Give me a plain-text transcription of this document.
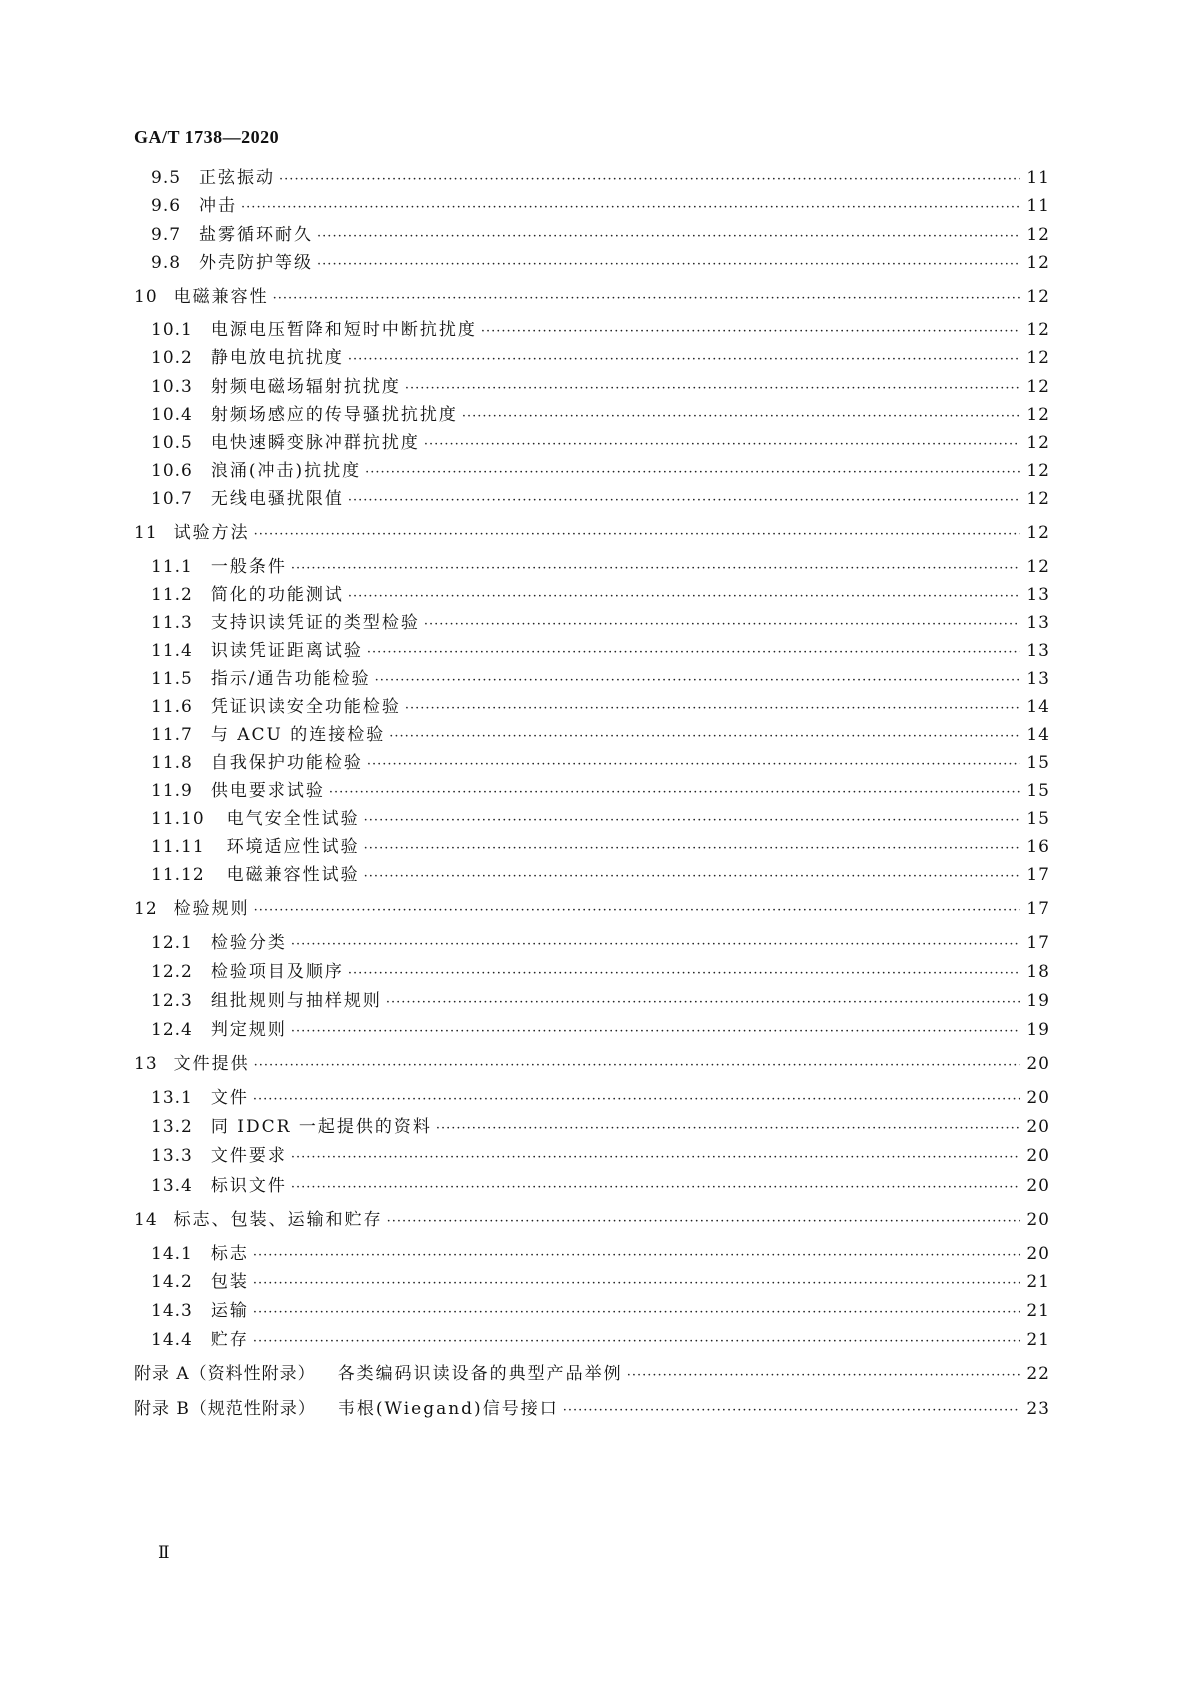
GA/T 1738—2020
9.5	正弦振动 ·····	11
9.6	冲击 ·····	11
9.7	盐雾循环耐久 ·····	12
9.8	外壳防护等级 ·····	12
10 电磁兼容性 ·····	12
10.1	电源电压暂降和短时中断抗扰度 ·····	12
10.2	静电放电抗扰度 ·····	12
10.3	射频电磁场辐射抗扰度 ·····	12
10.4	射频场感应的传导骚扰抗扰度 ·····	12
10.5	电快速瞬变脉冲群抗扰度 ·····	12
10.6	浪涌(冲击)抗扰度 ·····	12
10.7	无线电骚扰限值 ·····	12
11 试验方法 ·····	12
11.1	一般条件 ·····	12
11.2	简化的功能测试 ·····	13
11.3	支持识读凭证的类型检验 ·····	13
11.4	识读凭证距离试验 ·····	13
11.5	指示/通告功能检验 ·····	13
11.6	凭证识读安全功能检验 ·····	14
11.7	与 ACU 的连接检验 ·····	14
11.8	自我保护功能检验 ·····	15
11.9	供电要求试验 ·····	15
11.10	电气安全性试验 ·····	15
11.11	环境适应性试验 ·····	16
11.12	电磁兼容性试验 ·····	17
12 检验规则 ·····	17
12.1	检验分类 ·····	17
12.2	检验项目及顺序 ·····	18
12.3	组批规则与抽样规则 ·····	19
12.4	判定规则 ·····	19
13 文件提供 ·····	20
13.1	文件 ·····	20
13.2	同 IDCR 一起提供的资料 ·····	20
13.3	文件要求 ·····	20
13.4	标识文件 ·····	20
14 标志、包装、运输和贮存 ·····	20
14.1	标志 ·····	20
14.2	包装 ·····	21
14.3	运输 ·····	21
14.4	贮存 ·····	21
附录 A（资料性附录）	各类编码识读设备的典型产品举例 ·····	22
附录 B（规范性附录）	韦根(Wiegand)信号接口 ·····	23
Ⅱ
